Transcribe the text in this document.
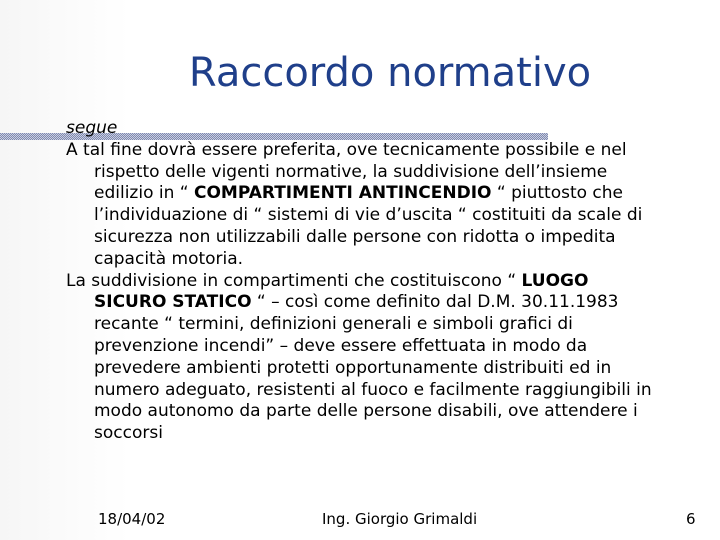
Raccordo normativo
segue

A tal fine dovrà essere preferita, ove tecnicamente possibile e nel rispetto delle vigenti normative, la suddivisione dell’insieme edilizio in “ COMPARTIMENTI ANTINCENDIO “ piuttosto che l’individuazione di “ sistemi di vie d’uscita “ costituiti da scale di sicurezza non utilizzabili dalle persone con ridotta o impedita capacità motoria.

La suddivisione in compartimenti che costituiscono “ LUOGO SICURO STATICO “ – così come definito dal D.M. 30.11.1983 recante “ termini, definizioni generali e simboli grafici di prevenzione incendi” – deve essere effettuata in modo da prevedere ambienti protetti opportunamente distribuiti ed in numero adeguato, resistenti al fuoco e facilmente raggiungibili in modo autonomo da parte delle persone disabili, ove attendere i soccorsi

18/04/02	Ing. Giorgio Grimaldi	6
